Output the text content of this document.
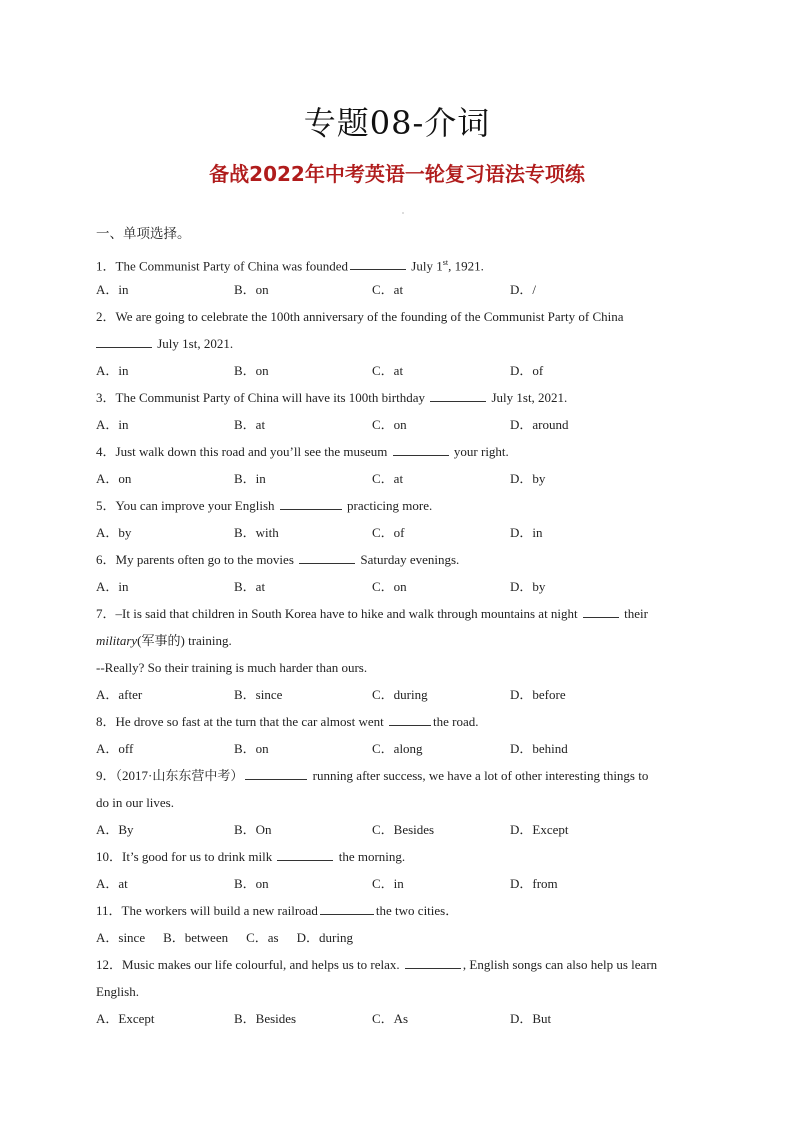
专题08-介词
备战2022年中考英语一轮复习语法专项练
一、单项选择。
1．The Communist Party of China was founded	July 1st, 1921.
A．in	B．on	C．at	D．/
2．We are going to celebrate the 100th anniversary of the founding of the Communist Party of China
July 1st, 2021.
A．in	B．on	C．at	D．of
3．The Communist Party of China will have its 100th birthday	July 1st, 2021.
A．in	B．at	C．on	D．around
4．Just walk down this road and you’ll see the museum	your right.
A．on	B．in	C．at	D．by
5．You can improve your English	practicing more.
A．by	B．with	C．of	D．in
6．My parents often go to the movies	Saturday evenings.
A．in	B．at	C．on	D．by
7．–It is said that children in South Korea have to hike and walk through mountains at night	their
military(军事的) training.
--Really? So their training is much harder than ours.
A．after	B．since	C．during	D．before
8．He drove so fast at the turn that the car almost went	the road.
A．off	B．on	C．along	D．behind
9．（2017·山东东营中考）	running after success, we have a lot of other interesting things to
do in our lives.
A．By	B．On	C．Besides	D．Except
10．It’s good for us to drink milk	the morning.
A．at	B．on	C．in	D．from
11．The workers will build a new railroad	the two cities．
A．since B．between C．as D．during
12．Music makes our life colourful, and helps us to relax.	, English songs can also help us learn
English.
A．Except	B．Besides	C．As	D．But
